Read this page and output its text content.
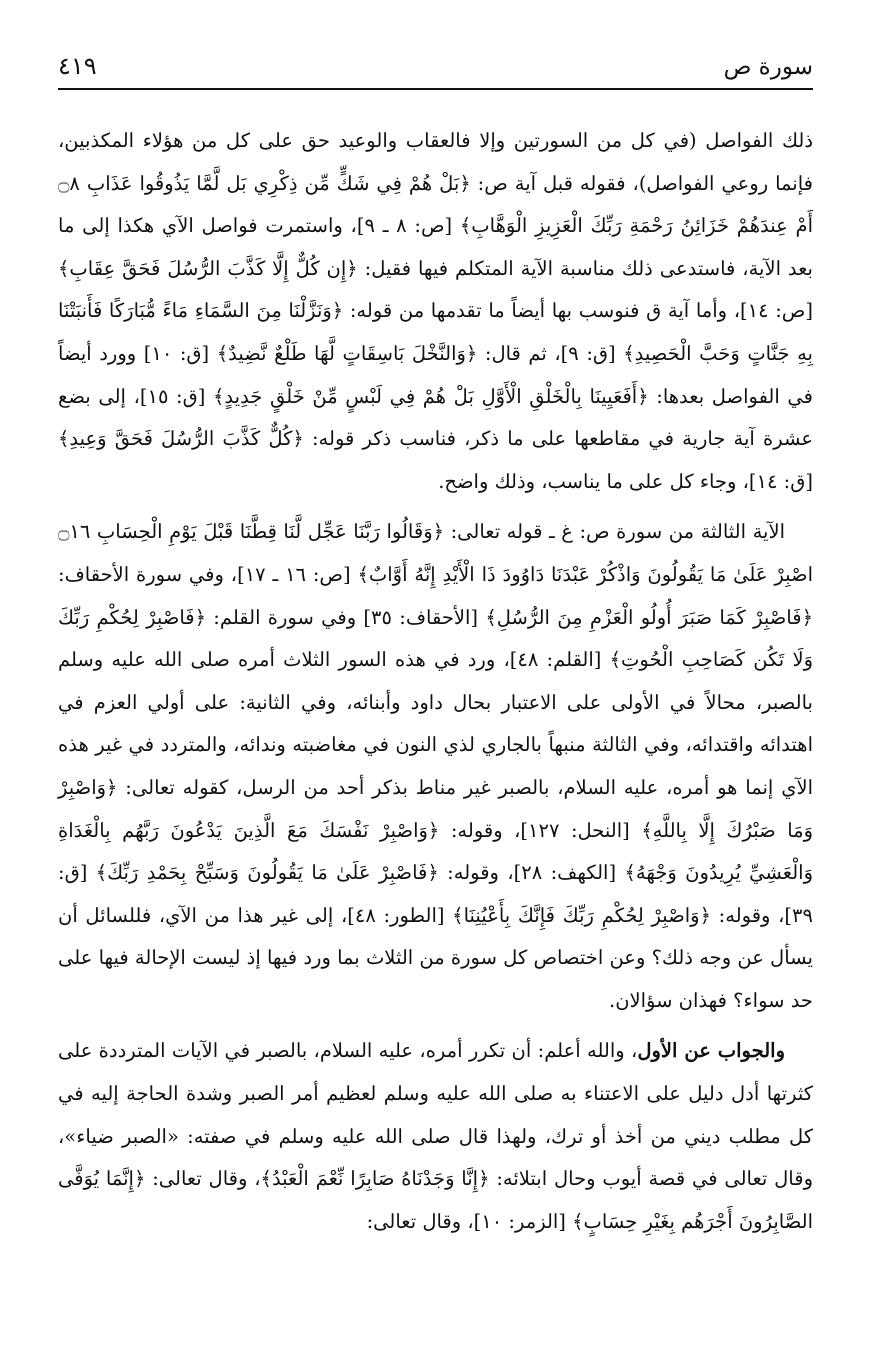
سورة ص
٤١٩

ذلك الفواصل (في كل من السورتين وإلا فالعقاب والوعيد حق على كل من هؤلاء المكذبين، فإنما روعي الفواصل)، فقوله قبل آية ص: ﴿بَلْ هُمْ فِي شَكٍّ مِّن ذِكْرِي بَل لَّمَّا يَذُوقُوا عَذَابِ ۝٨ أَمْ عِندَهُمْ خَزَائِنُ رَحْمَةِ رَبِّكَ الْعَزِيزِ الْوَهَّابِ﴾ [ص: ٨ ـ ٩]، واستمرت فواصل الآي هكذا إلى ما بعد الآية، فاستدعى ذلك مناسبة الآية المتكلم فيها فقيل: ﴿إِن كُلٌّ إِلَّا كَذَّبَ الرُّسُلَ فَحَقَّ عِقَابِ﴾ [ص: ١٤]، وأما آية ق فنوسب بها أيضاً ما تقدمها من قوله: ﴿وَنَزَّلْنَا مِنَ السَّمَاءِ مَاءً مُّبَارَكًا فَأَنبَتْنَا بِهِ جَنَّاتٍ وَحَبَّ الْحَصِيدِ﴾ [ق: ٩]، ثم قال: ﴿وَالنَّخْلَ بَاسِقَاتٍ لَّهَا طَلْعٌ نَّضِيدٌ﴾ [ق: ١٠] وورد أيضاً في الفواصل بعدها: ﴿أَفَعَيِينَا بِالْخَلْقِ الْأَوَّلِ بَلْ هُمْ فِي لَبْسٍ مِّنْ خَلْقٍ جَدِيدٍ﴾ [ق: ١٥]، إلى بضع عشرة آية جارية في مقاطعها على ما ذكر، فناسب ذكر قوله: ﴿كُلٌّ كَذَّبَ الرُّسُلَ فَحَقَّ وَعِيدِ﴾ [ق: ١٤]، وجاء كل على ما يناسب، وذلك واضح.

الآية الثالثة من سورة ص: غ ـ قوله تعالى: ﴿وَقَالُوا رَبَّنَا عَجِّل لَّنَا قِطَّنَا قَبْلَ يَوْمِ الْحِسَابِ ۝١٦ اصْبِرْ عَلَىٰ مَا يَقُولُونَ وَاذْكُرْ عَبْدَنَا دَاوُودَ ذَا الْأَيْدِ إِنَّهُ أَوَّابٌ﴾ [ص: ١٦ ـ ١٧]، وفي سورة الأحقاف: ﴿فَاصْبِرْ كَمَا صَبَرَ أُولُو الْعَزْمِ مِنَ الرُّسُلِ﴾ [الأحقاف: ٣٥] وفي سورة القلم: ﴿فَاصْبِرْ لِحُكْمِ رَبِّكَ وَلَا تَكُن كَصَاحِبِ الْحُوتِ﴾ [القلم: ٤٨]، ورد في هذه السور الثلاث أمره صلى الله عليه وسلم بالصبر، محالاً في الأولى على الاعتبار بحال داود وأبنائه، وفي الثانية: على أولي العزم في اهتدائه واقتدائه، وفي الثالثة منبهاً بالجاري لذي النون في مغاضبته وندائه، والمتردد في غير هذه الآي إنما هو أمره، عليه السلام، بالصبر غير مناط بذكر أحد من الرسل، كقوله تعالى: ﴿وَاصْبِرْ وَمَا صَبْرُكَ إِلَّا بِاللَّهِ﴾ [النحل: ١٢٧]، وقوله: ﴿وَاصْبِرْ نَفْسَكَ مَعَ الَّذِينَ يَدْعُونَ رَبَّهُم بِالْغَدَاةِ وَالْعَشِيِّ يُرِيدُونَ وَجْهَهُ﴾ [الكهف: ٢٨]، وقوله: ﴿فَاصْبِرْ عَلَىٰ مَا يَقُولُونَ وَسَبِّحْ بِحَمْدِ رَبِّكَ﴾ [ق: ٣٩]، وقوله: ﴿وَاصْبِرْ لِحُكْمِ رَبِّكَ فَإِنَّكَ بِأَعْيُنِنَا﴾ [الطور: ٤٨]، إلى غير هذا من الآي، فللسائل أن يسأل عن وجه ذلك؟ وعن اختصاص كل سورة من الثلاث بما ورد فيها إذ ليست الإحالة فيها على حد سواء؟ فهذان سؤالان.

والجواب عن الأول، والله أعلم: أن تكرر أمره، عليه السلام، بالصبر في الآيات المترددة على كثرتها أدل دليل على الاعتناء به صلى الله عليه وسلم لعظيم أمر الصبر وشدة الحاجة إليه في كل مطلب ديني من أخذ أو ترك، ولهذا قال صلى الله عليه وسلم في صفته: «الصبر ضياء»، وقال تعالى في قصة أيوب وحال ابتلائه: ﴿إِنَّا وَجَدْنَاهُ صَابِرًا نِّعْمَ الْعَبْدُ﴾، وقال تعالى: ﴿إِنَّمَا يُوَفَّى الصَّابِرُونَ أَجْرَهُم بِغَيْرِ حِسَابٍ﴾ [الزمر: ١٠]، وقال تعالى:
